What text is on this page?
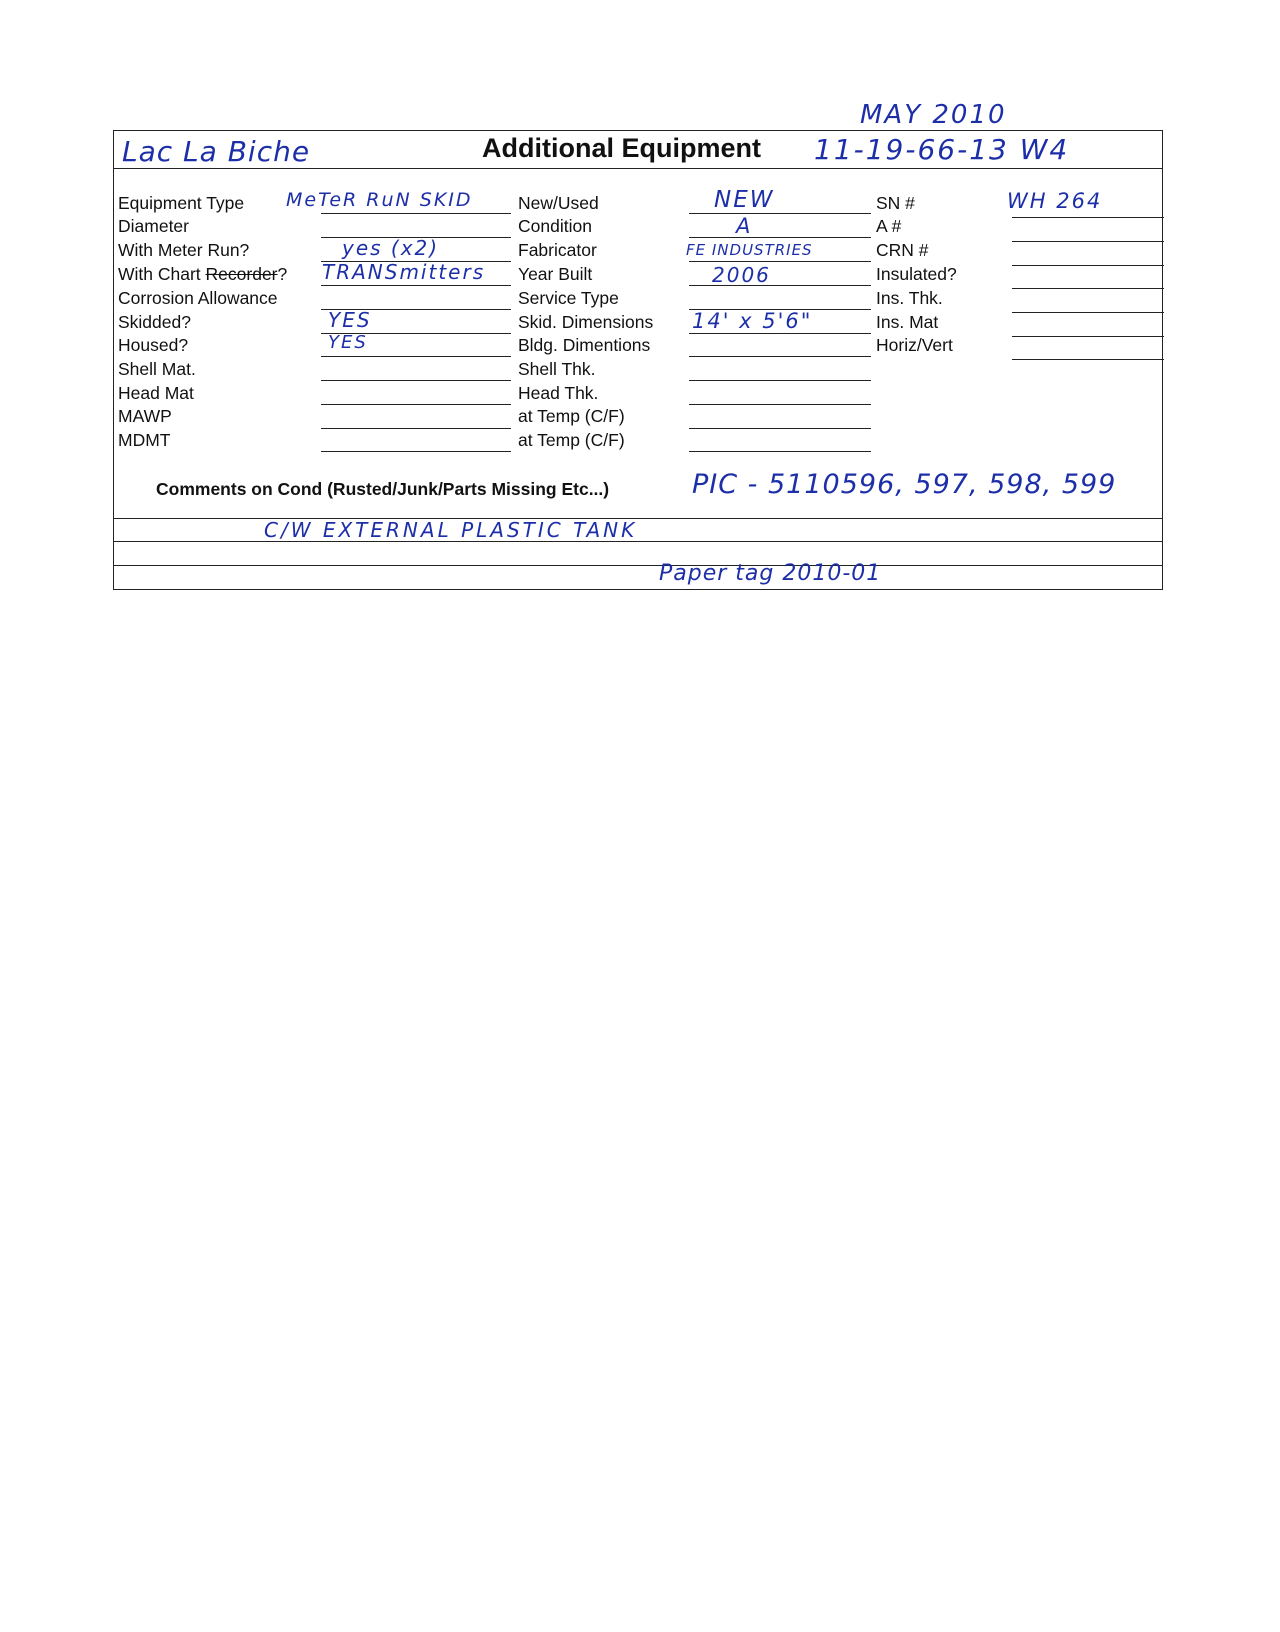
MAY 2010
Lac La Biche	Additional Equipment 11-19-66-13 W4
Equipment Type
Diameter
With Meter Run?
With Chart Recorder?
Corrosion Allowance
Skidded?
Housed?
Shell Mat.
Head Mat
MAWP
MDMT
MeTeR RuN SKID
yes (x2)
TRANSmitters
YES
YES
New/Used
Condition
Fabricator
Year Built
Service Type
Skid. Dimensions
Bldg. Dimentions
Shell Thk.
Head Thk.
at Temp (C/F)
at Temp (C/F)
NEW
A
FE INDUSTRIES
2006
14' x 5'6"
SN #
A #
CRN #
Insulated?
Ins. Thk.
Ins. Mat
Horiz/Vert
WH 264
Comments on Cond (Rusted/Junk/Parts Missing Etc...)	PIC - 5110596, 597, 598, 599
C/W EXTERNAL PLASTIC TANK
Paper tag 2010-01
